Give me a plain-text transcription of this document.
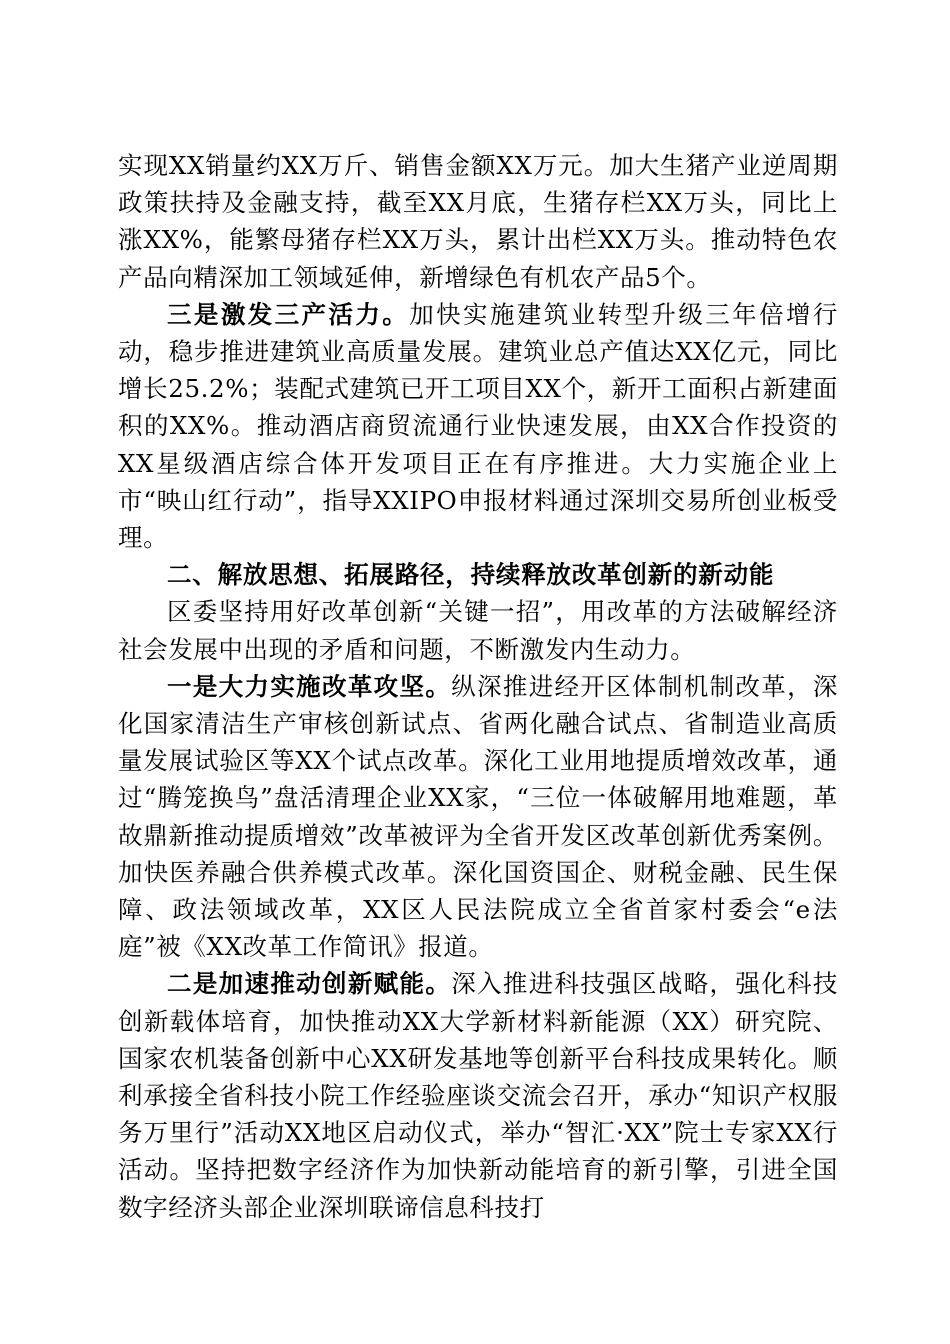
实现XX销量约XX万斤、销售金额XX万元。加大生猪产业逆周期政策扶持及金融支持，截至XX月底，生猪存栏XX万头，同比上涨XX%，能繁母猪存栏XX万头，累计出栏XX万头。推动特色农产品向精深加工领域延伸，新增绿色有机农产品5个。

三是激发三产活力。加快实施建筑业转型升级三年倍增行动，稳步推进建筑业高质量发展。建筑业总产值达XX亿元，同比增长25.2%；装配式建筑已开工项目XX个，新开工面积占新建面积的XX%。推动酒店商贸流通行业快速发展，由XX合作投资的XX星级酒店综合体开发项目正在有序推进。大力实施企业上市“映山红行动”，指导XXIPO申报材料通过深圳交易所创业板受理。

二、解放思想、拓展路径，持续释放改革创新的新动能

区委坚持用好改革创新“关键一招”，用改革的方法破解经济社会发展中出现的矛盾和问题，不断激发内生动力。

一是大力实施改革攻坚。纵深推进经开区体制机制改革，深化国家清洁生产审核创新试点、省两化融合试点、省制造业高质量发展试验区等XX个试点改革。深化工业用地提质增效改革，通过“腾笼换鸟”盘活清理企业XX家，“三位一体破解用地难题，革故鼎新推动提质增效”改革被评为全省开发区改革创新优秀案例。加快医养融合供养模式改革。深化国资国企、财税金融、民生保障、政法领域改革，XX区人民法院成立全省首家村委会“e法庭”被《XX改革工作简讯》报道。

二是加速推动创新赋能。深入推进科技强区战略，强化科技创新载体培育，加快推动XX大学新材料新能源（XX）研究院、国家农机装备创新中心XX研发基地等创新平台科技成果转化。顺利承接全省科技小院工作经验座谈交流会召开，承办“知识产权服务万里行”活动XX地区启动仪式，举办“智汇·XX”院士专家XX行活动。坚持把数字经济作为加快新动能培育的新引擎，引进全国数字经济头部企业深圳联谛信息科技打
